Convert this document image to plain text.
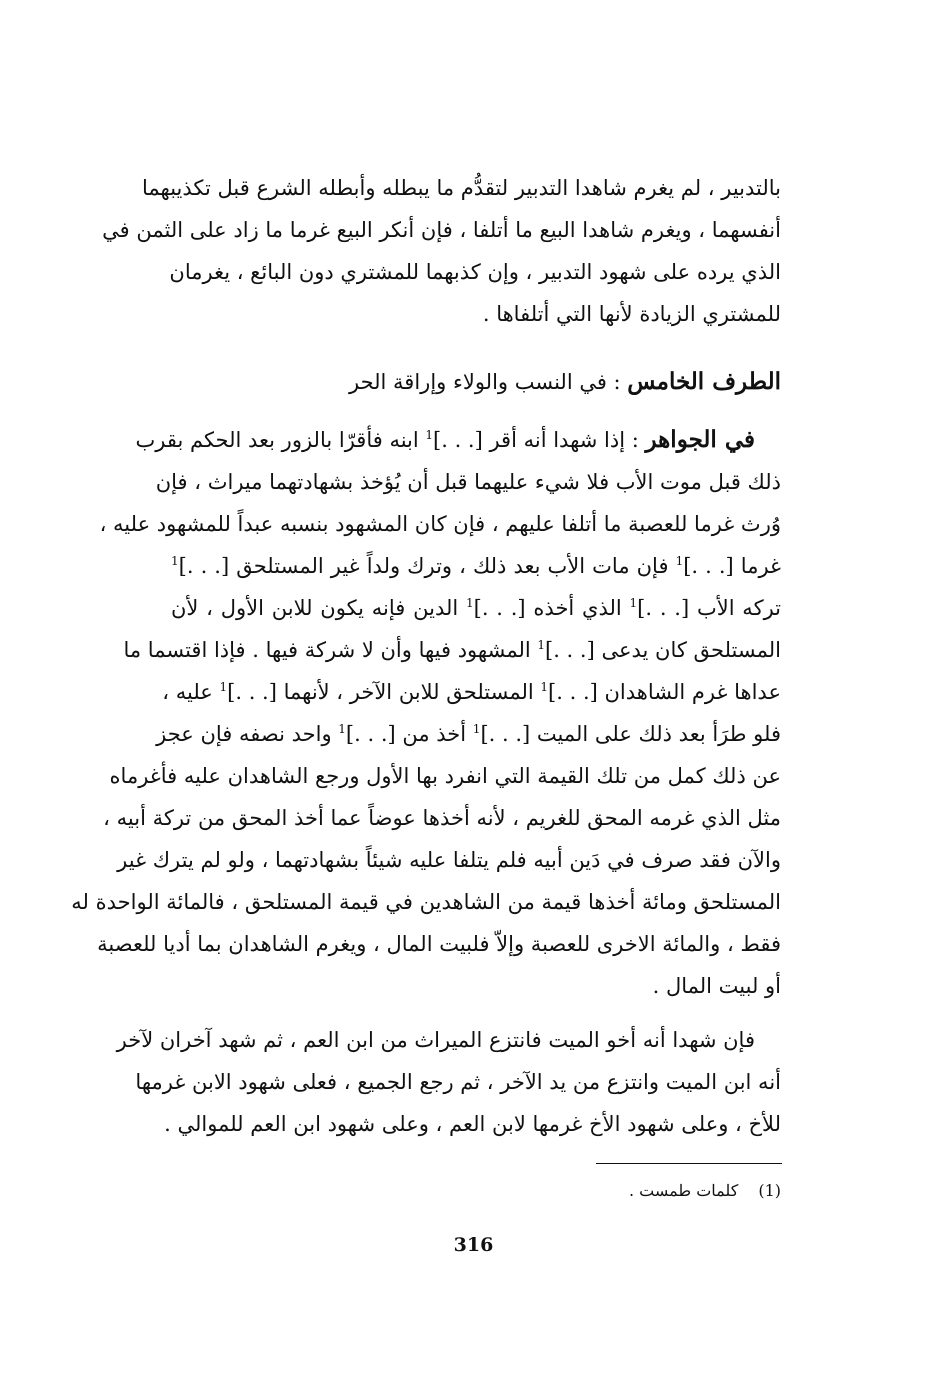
بالتدبير ، لم يغرم شاهدا التدبير لتقدُّم ما يبطله وأبطله الشرع قبل تكذيبهما
أنفسهما ، ويغرم شاهدا البيع ما أتلفا ، فإن أنكر البيع غرما ما زاد على الثمن في
الذي يرده على شهود التدبير ، وإن كذبهما للمشتري دون البائع ، يغرمان
للمشتري الزيادة لأنها التي أتلفاها .
الطرف الخامس : في النسب والولاء وإراقة الحر
في الجواهر : إذا شهدا أنه أقر [. . .]$^1$ ابنه فأقرّا بالزور بعد الحكم بقرب
ذلك قبل موت الأب فلا شيء عليهما قبل أن يُؤخذ بشهادتهما ميراث ، فإن
وُرث غرما للعصبة ما أتلفا عليهم ، فإن كان المشهود بنسبه عبداً للمشهود عليه ،
غرما [. . .]$^1$ فإن مات الأب بعد ذلك ، وترك ولداً غير المستلحق [. . .]$^1$
تركه الأب [. . .]$^1$ الذي أخذه [. . .]$^1$ الدين فإنه يكون للابن الأول ، لأن
المستلحق كان يدعى [. . .]$^1$ المشهود فيها وأن لا شركة فيها . فإذا اقتسما ما
عداها غرم الشاهدان [. . .]$^1$ المستلحق للابن الآخر ، لأنهما [. . .]$^1$ عليه ،
فلو طرَأ بعد ذلك على الميت [. . .]$^1$ أخذ من [. . .]$^1$ واحد نصفه فإن عجز
عن ذلك كمل من تلك القيمة التي انفرد بها الأول ورجع الشاهدان عليه فأغرماه
مثل الذي غرمه المحق للغريم ، لأنه أخذها عوضاً عما أخذ المحق من تركة أبيه ،
والآن فقد صرف في دَين أبيه فلم يتلفا عليه شيئاً بشهادتهما ، ولو لم يترك غير
المستلحق ومائة أخذها قيمة من الشاهدين في قيمة المستلحق ، فالمائة الواحدة له
فقط ، والمائة الاخرى للعصبة وإلاّ فلبيت المال ، ويغرم الشاهدان بما أديا للعصبة
أو لبيت المال .
فإن شهدا أنه أخو الميت فانتزع الميراث من ابن العم ، ثم شهد آخران لآخر
أنه ابن الميت وانتزع من يد الآخر ، ثم رجع الجميع ، فعلى شهود الابن غرمها
للأخ ، وعلى شهود الأخ غرمها لابن العم ، وعلى شهود ابن العم للموالي .
(1)كلمات طمست .
316
